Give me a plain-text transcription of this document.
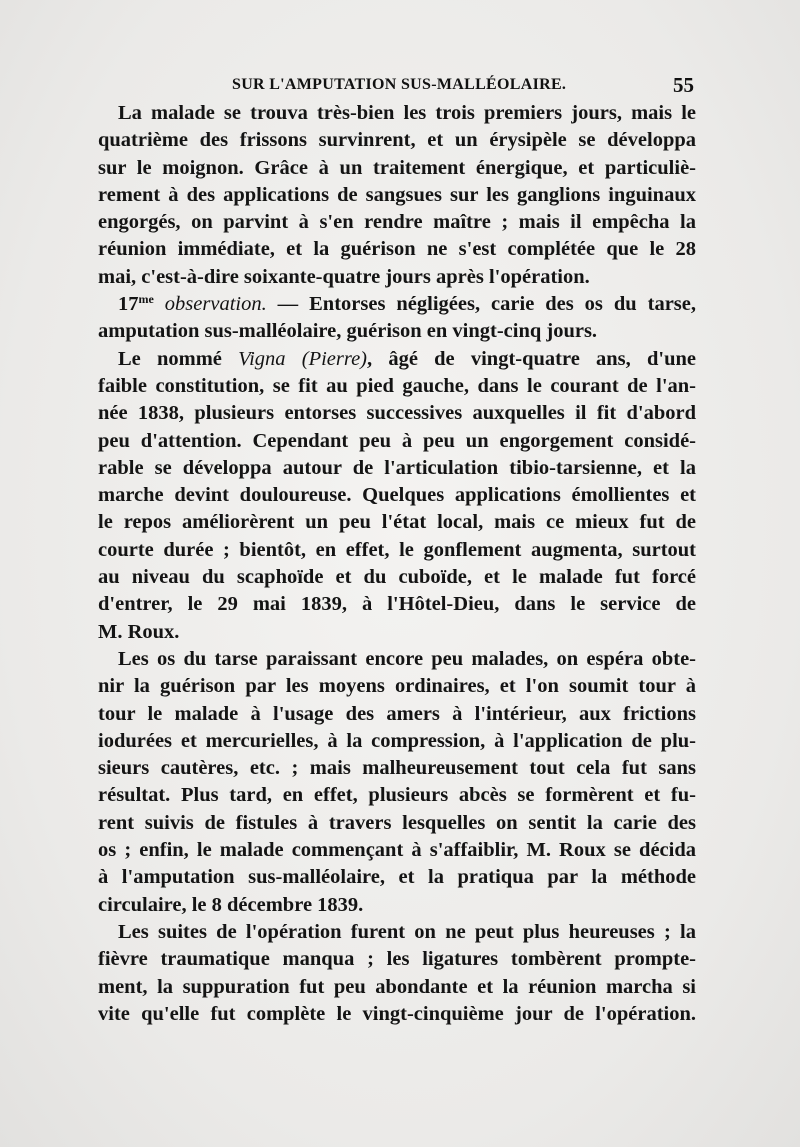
SUR L'AMPUTATION SUS-MALLÉOLAIRE.	55
La malade se trouva très-bien les trois premiers jours, mais le
quatrième des frissons survinrent, et un érysipèle se développa
sur le moignon. Grâce à un traitement énergique, et particuliè-
rement à des applications de sangsues sur les ganglions inguinaux
engorgés, on parvint à s'en rendre maître ; mais il empêcha la
réunion immédiate, et la guérison ne s'est complétée que le 28
mai, c'est-à-dire soixante-quatre jours après l'opération.
$17^{me}$ observation. — Entorses négligées, carie des os du tarse,
amputation sus-malléolaire, guérison en vingt-cinq jours.
Le nommé Vigna (Pierre), âgé de vingt-quatre ans, d'une
faible constitution, se fit au pied gauche, dans le courant de l'an-
née 1838, plusieurs entorses successives auxquelles il fit d'abord
peu d'attention. Cependant peu à peu un engorgement considé-
rable se développa autour de l'articulation tibio-tarsienne, et la
marche devint douloureuse. Quelques applications émollientes et
le repos améliorèrent un peu l'état local, mais ce mieux fut de
courte durée ; bientôt, en effet, le gonflement augmenta, surtout
au niveau du scaphoïde et du cuboïde, et le malade fut forcé
d'entrer, le 29 mai 1839, à l'Hôtel-Dieu, dans le service de
M. Roux.
Les os du tarse paraissant encore peu malades, on espéra obte-
nir la guérison par les moyens ordinaires, et l'on soumit tour à
tour le malade à l'usage des amers à l'intérieur, aux frictions
iodurées et mercurielles, à la compression, à l'application de plu-
sieurs cautères, etc. ; mais malheureusement tout cela fut sans
résultat. Plus tard, en effet, plusieurs abcès se formèrent et fu-
rent suivis de fistules à travers lesquelles on sentit la carie des
os ; enfin, le malade commençant à s'affaiblir, M. Roux se décida
à l'amputation sus-malléolaire, et la pratiqua par la méthode
circulaire, le 8 décembre 1839.
Les suites de l'opération furent on ne peut plus heureuses ; la
fièvre traumatique manqua ; les ligatures tombèrent prompte-
ment, la suppuration fut peu abondante et la réunion marcha si
vite qu'elle fut complète le vingt-cinquième jour de l'opération.
